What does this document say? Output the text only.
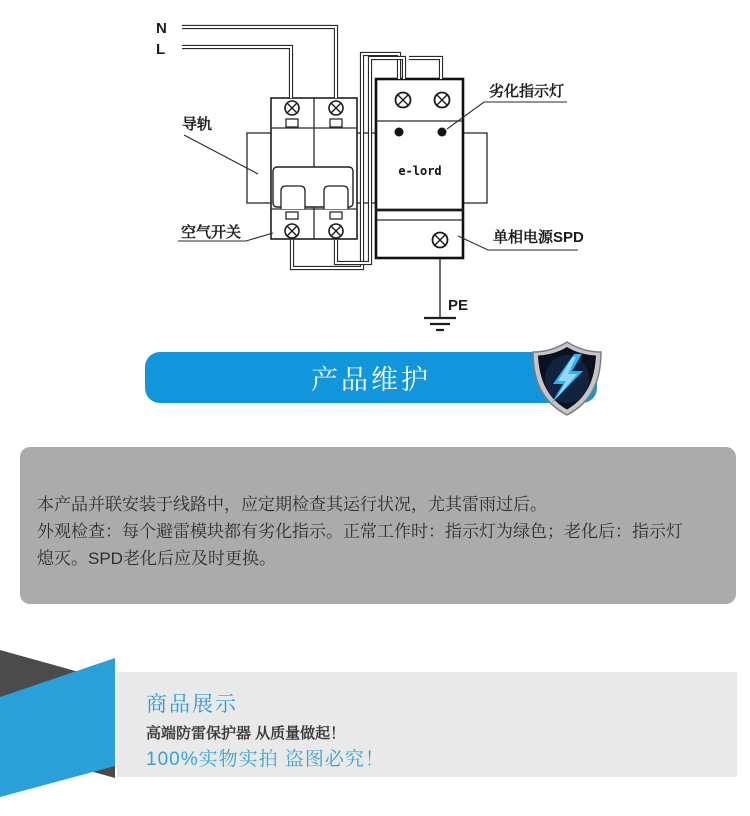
e-lord
N
L
导轨
空气开关
劣化指示灯
单相电源SPD
PE
产品维护
本产品并联安装于线路中，应定期检查其运行状况，尤其雷雨过后。
外观检查：每个避雷模块都有劣化指示。正常工作时：指示灯为绿色；老化后：指示灯
熄灭。SPD老化后应及时更换。
商品展示
高端防雷保护器 从质量做起！
100%实物实拍 盗图必究！
